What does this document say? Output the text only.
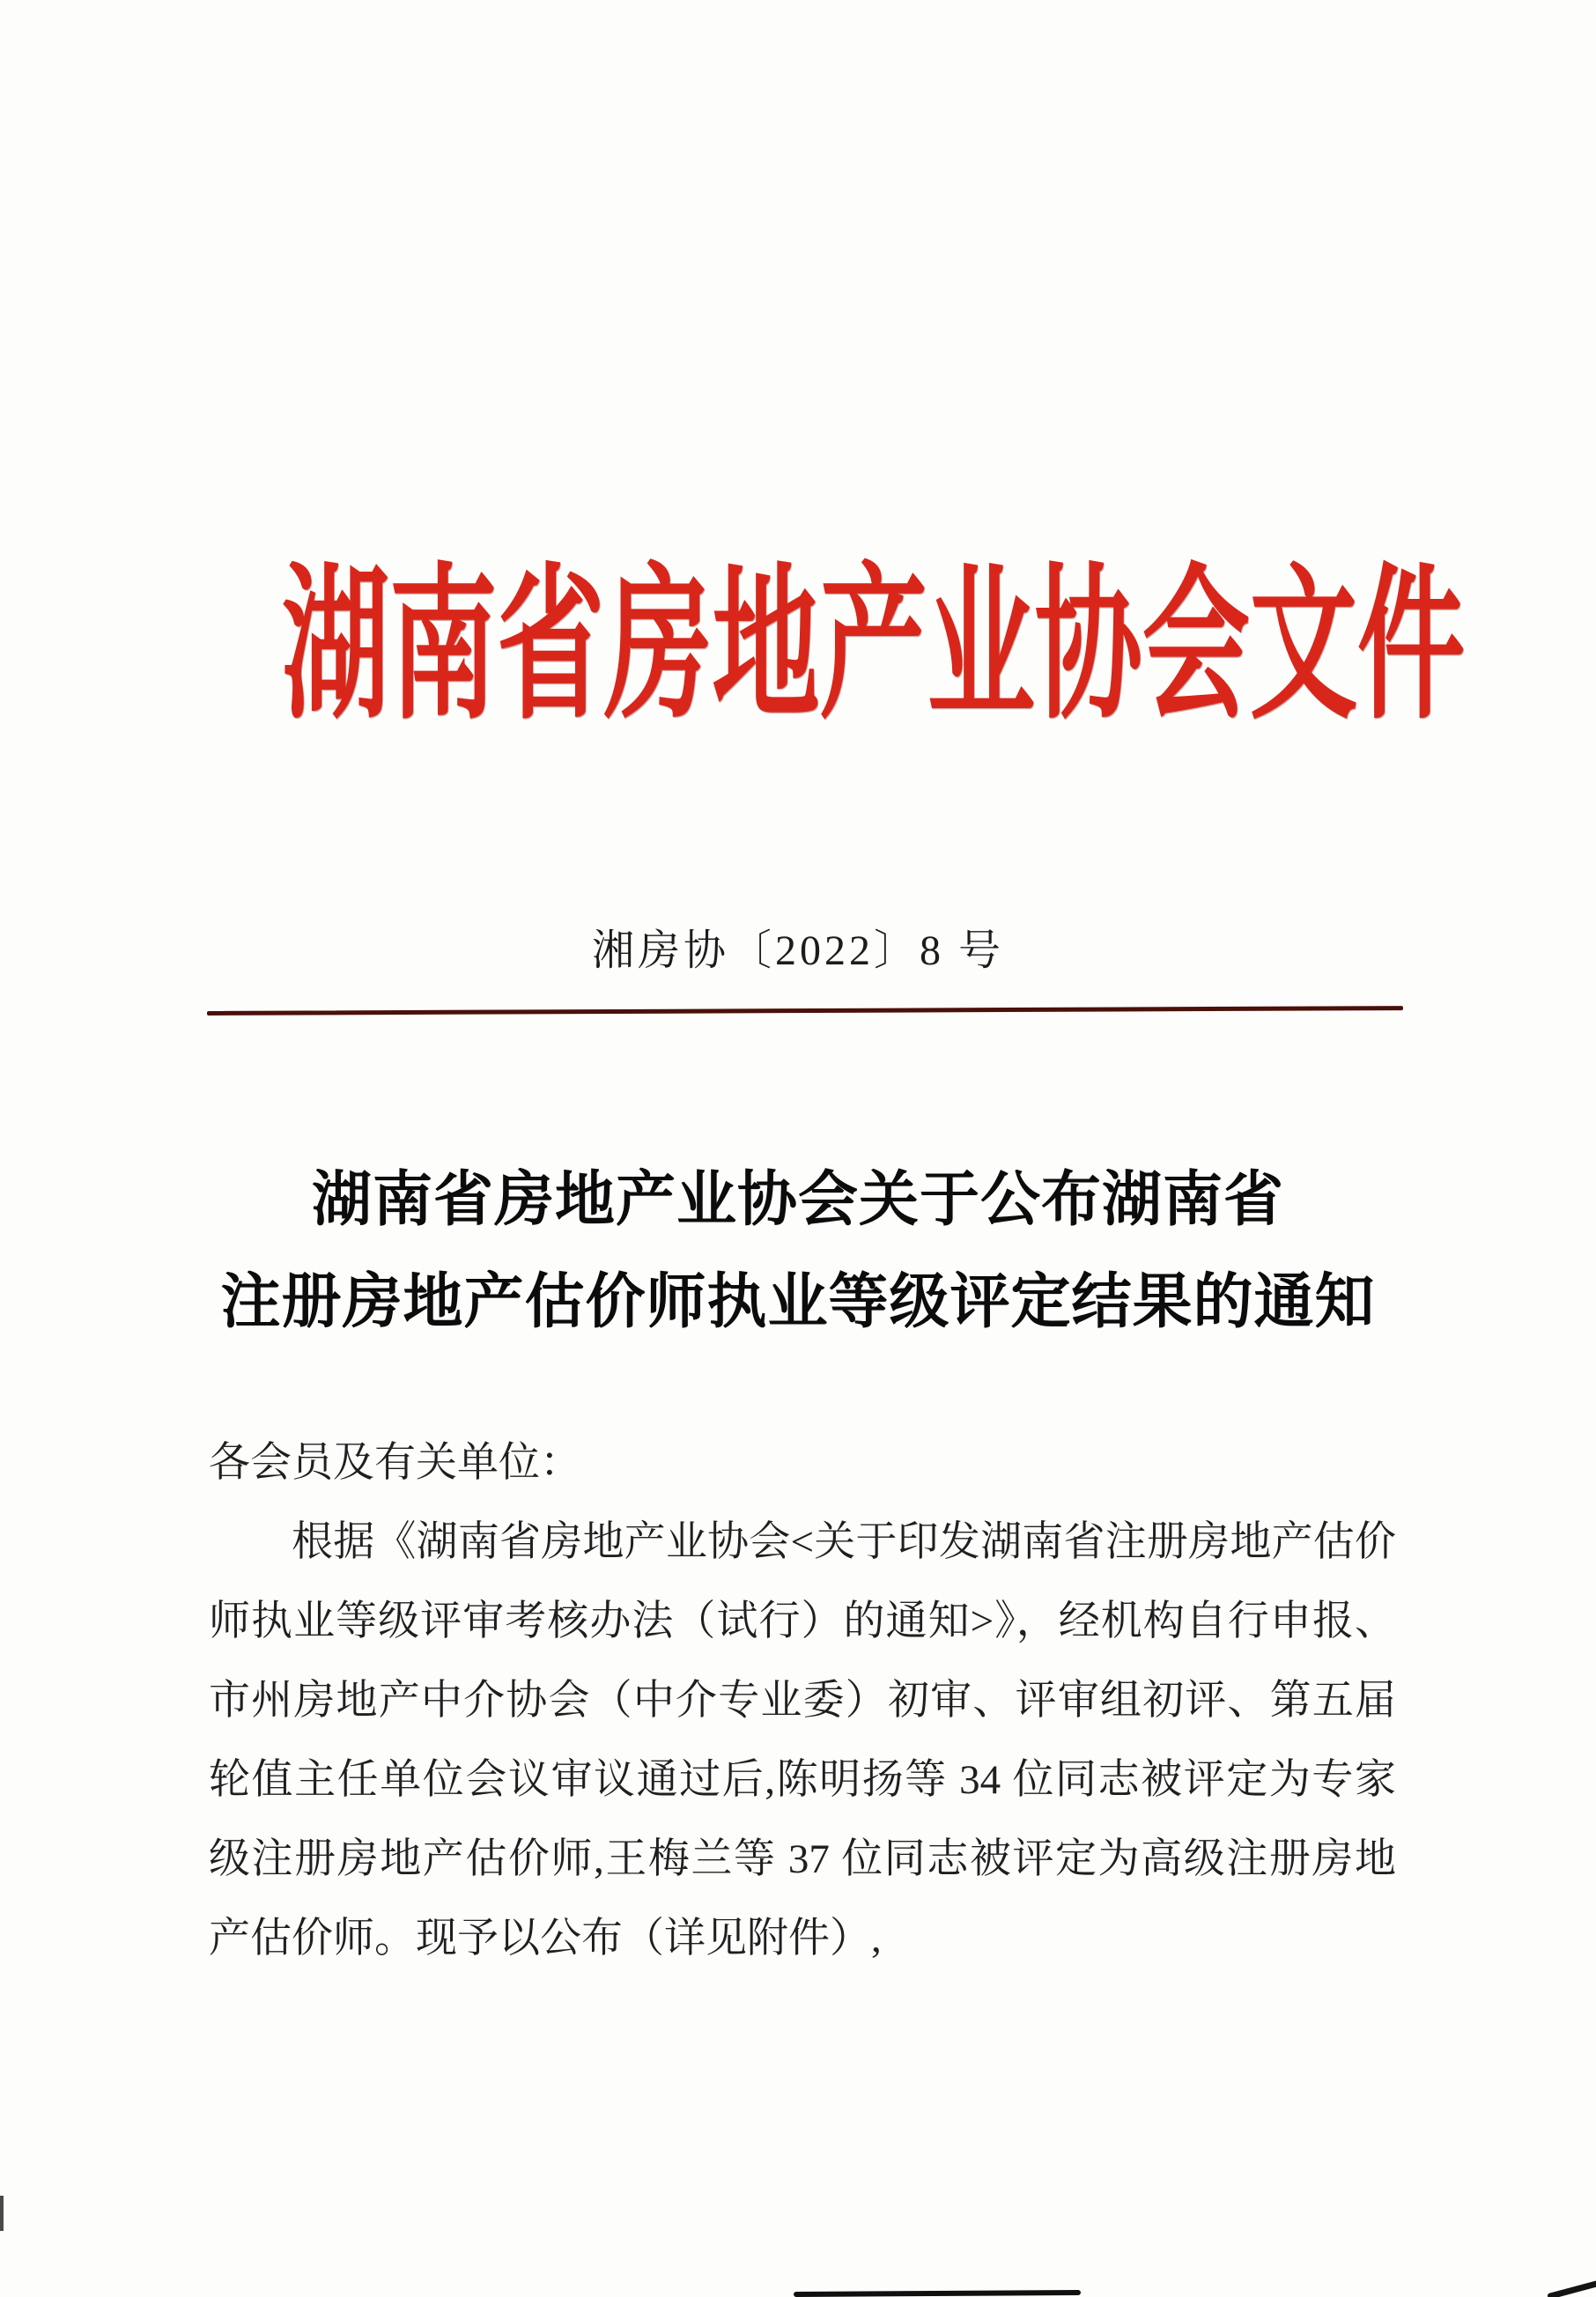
湖南省房地产业协会文件
湘房协〔2022〕8 号
湖南省房地产业协会关于公布湖南省
注册房地产估价师执业等级评定结果的通知
各会员及有关单位：

根据《湖南省房地产业协会<关于印发湖南省注册房地产估价师执业等级评审考核办法（试行）的通知>》，经机构自行申报、市州房地产中介协会（中介专业委）初审、评审组初评、第五届轮值主任单位会议审议通过后,陈明扬等 34 位同志被评定为专家级注册房地产估价师,王梅兰等 37 位同志被评定为高级注册房地产估价师。现予以公布（详见附件）,
